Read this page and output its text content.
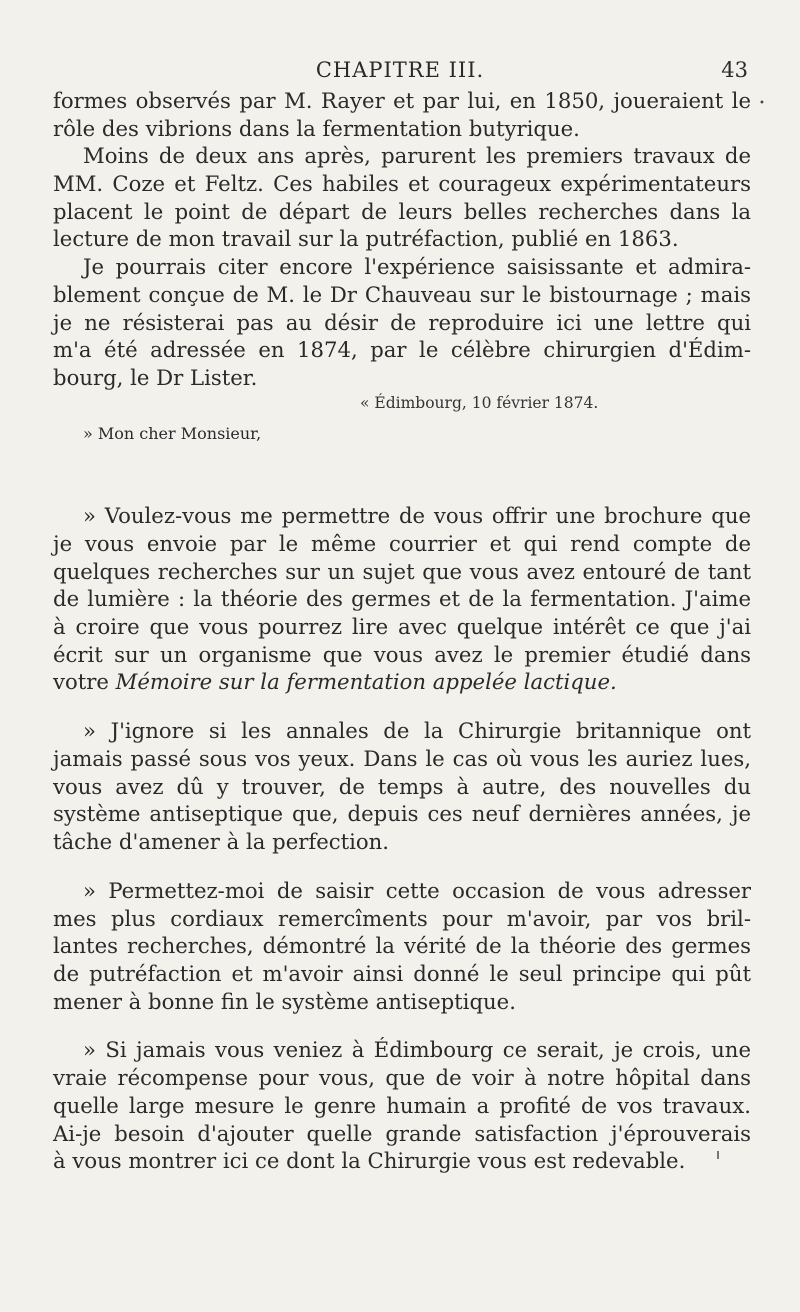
CHAPITRE III.	43

formes observés par M. Rayer et par lui, en 1850, joueraient le
rôle des vibrions dans la fermentation butyrique.

Moins de deux ans après, parurent les premiers travaux de
MM. Coze et Feltz. Ces habiles et courageux expérimentateurs
placent le point de départ de leurs belles recherches dans la
lecture de mon travail sur la putréfaction, publié en 1863.

Je pourrais citer encore l'expérience saisissante et admira-
blement conçue de M. le Dr Chauveau sur le bistournage ; mais
je ne résisterai pas au désir de reproduire ici une lettre qui
m'a été adressée en 1874, par le célèbre chirurgien d'Édim-
bourg, le Dr Lister.

« Édimbourg, 10 février 1874.
» Mon cher Monsieur,

» Voulez-vous me permettre de vous offrir une brochure que
je vous envoie par le même courrier et qui rend compte de
quelques recherches sur un sujet que vous avez entouré de tant
de lumière : la théorie des germes et de la fermentation. J'aime
à croire que vous pourrez lire avec quelque intérêt ce que j'ai
écrit sur un organisme que vous avez le premier étudié dans
votre Mémoire sur la fermentation appelée lactique.

» J'ignore si les annales de la Chirurgie britannique ont
jamais passé sous vos yeux. Dans le cas où vous les auriez lues,
vous avez dû y trouver, de temps à autre, des nouvelles du
système antiseptique que, depuis ces neuf dernières années, je
tâche d'amener à la perfection.

» Permettez-moi de saisir cette occasion de vous adresser
mes plus cordiaux remercîments pour m'avoir, par vos bril-
lantes recherches, démontré la vérité de la théorie des germes
de putréfaction et m'avoir ainsi donné le seul principe qui pût
mener à bonne fin le système antiseptique.

» Si jamais vous veniez à Édimbourg ce serait, je crois, une
vraie récompense pour vous, que de voir à notre hôpital dans
quelle large mesure le genre humain a profité de vos travaux.
Ai-je besoin d'ajouter quelle grande satisfaction j'éprouverais
à vous montrer ici ce dont la Chirurgie vous est redevable.

•
